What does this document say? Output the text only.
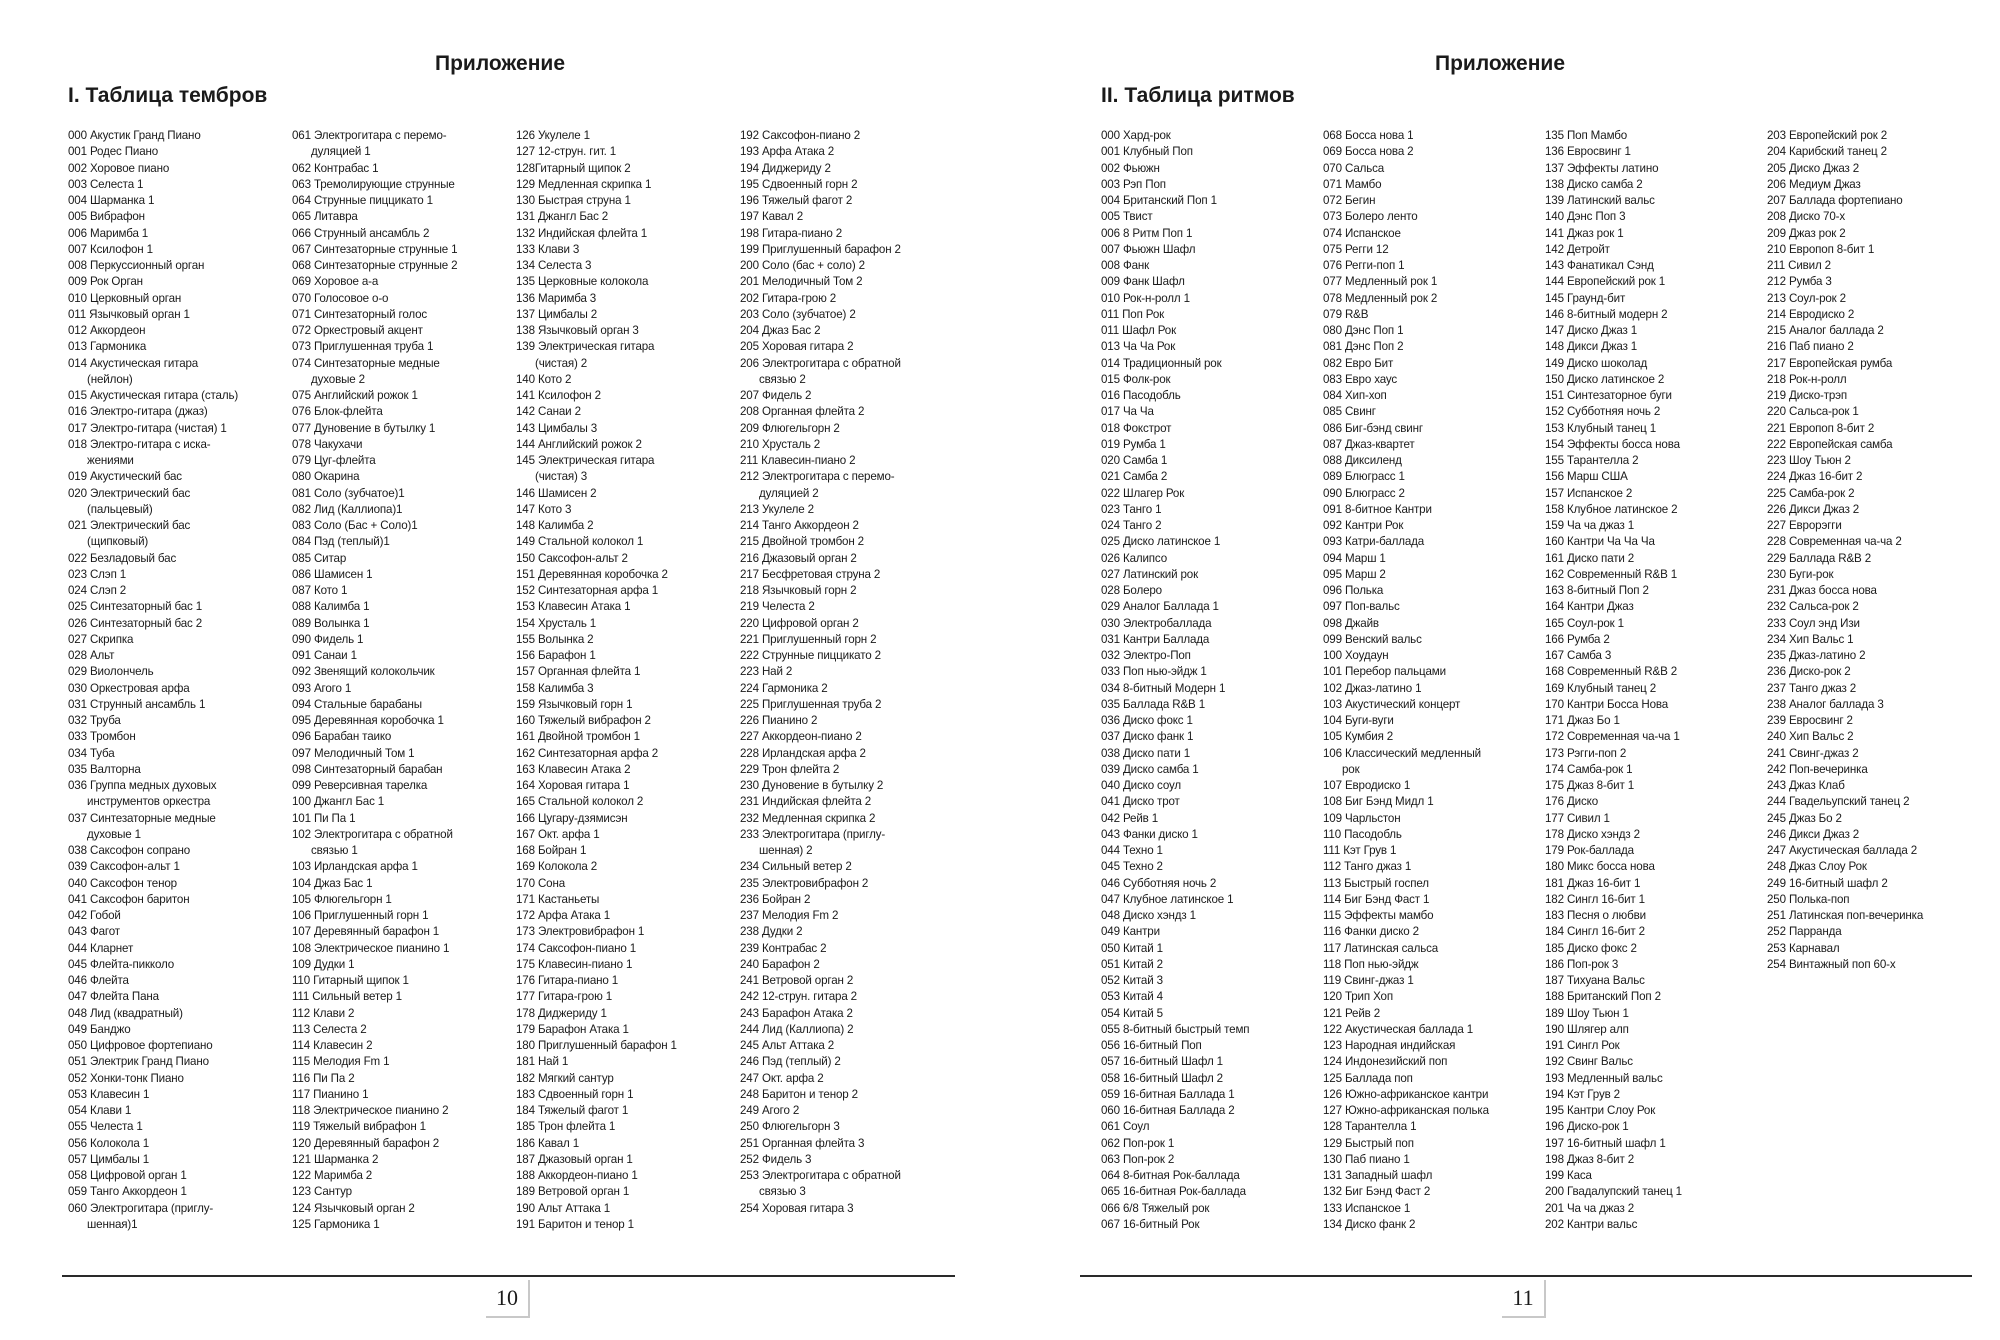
Приложение
I. Таблица тембров
000 Акустик Гранд Пиано
001 Родес Пиано
002 Хоровое пиано
003 Селеста 1
004 Шарманка 1
005 Вибрафон
006 Маримба 1
007 Ксилофон 1
008 Перкуссионный орган
009 Рок Орган
010 Церковный орган
011 Язычковый орган 1
012 Аккордеон
013 Гармоника
014 Акустическая гитара
(нейлон)
015 Акустическая гитара (сталь)
016 Электро-гитара (джаз)
017 Электро-гитара (чистая) 1
018 Электро-гитара с иска-
жениями
019 Акустический бас
020 Электрический бас
(пальцевый)
021 Электрический бас
(щипковый)
022 Безладовый бас
023 Слэп 1
024 Слэп 2
025 Синтезаторный бас 1
026 Синтезаторный бас 2
027 Скрипка
028 Альт
029 Виолончель
030 Оркестровая арфа
031 Струнный ансамбль 1
032 Труба
033 Тромбон
034 Туба
035 Валторна
036 Группа медных духовых
инструментов оркестра
037 Синтезаторные медные
духовые 1
038 Саксофон сопрано
039 Саксофон-альт 1
040 Саксофон тенор
041 Саксофон баритон
042 Гобой
043 Фагот
044 Кларнет
045 Флейта-пикколо
046 Флейта
047 Флейта Пана
048 Лид (квадратный)
049 Банджо
050 Цифровое фортепиано
051 Электрик Гранд Пиано
052 Хонки-тонк Пиано
053 Клавесин 1
054 Клави 1
055 Челеста 1
056 Колокола 1
057 Цимбалы 1
058 Цифровой орган 1
059 Танго Аккордеон 1
060 Электрогитара (приглу-
шенная)1
061 Электрогитара с перемо-
дуляцией 1
062 Контрабас 1
063 Тремолирующие струнные
064 Струнные пиццикато 1
065 Литавра
066 Струнный ансамбль 2
067 Синтезаторные струнные 1
068 Синтезаторные струнные 2
069 Хоровое а-а
070 Голосовое о-о
071 Синтезаторный голос
072 Оркестровый акцент
073 Приглушенная труба 1
074 Синтезаторные медные
духовые 2
075 Английский рожок 1
076 Блок-флейта
077 Дуновение в бутылку 1
078 Чакухачи
079 Цуг-флейта
080 Окарина
081 Соло (зубчатое)1
082 Лид (Каллиопа)1
083 Соло (Бас + Соло)1
084 Пэд (теплый)1
085 Ситар
086 Шамисен 1
087 Кото 1
088 Калимба 1
089 Волынка 1
090 Фидель 1
091 Санаи 1
092 Звенящий колокольчик
093 Агого 1
094 Стальные барабаны
095 Деревянная коробочка 1
096 Барабан таико
097 Мелодичный Том 1
098 Синтезаторный барабан
099 Реверсивная тарелка
100 Джангл Бас 1
101 Пи Па 1
102 Электрогитара с обратной
связью 1
103 Ирландская арфа 1
104 Джаз Бас 1
105 Флюгельгорн 1
106 Приглушенный горн 1
107 Деревянный барафон 1
108 Электрическое пианино 1
109 Дудки 1
110 Гитарный щипок 1
111 Сильный ветер 1
112 Клави 2
113 Селеста 2
114 Клавесин 2
115 Мелодия Fm 1
116 Пи Па 2
117 Пианино 1
118 Электрическое пианино 2
119 Тяжелый вибрафон 1
120 Деревянный барафон 2
121 Шарманка 2
122 Маримба 2
123 Сантур
124 Язычковый орган 2
125 Гармоника 1
126 Укулеле 1
127 12-струн. гит. 1
128Гитарный щипок 2
129 Медленная скрипка 1
130 Быстрая струна 1
131 Джангл Бас 2
132 Индийская флейта 1
133 Клави 3
134 Селеста 3
135 Церковные колокола
136 Маримба 3
137 Цимбалы 2
138 Язычковый орган 3
139 Электрическая гитара
(чистая) 2
140 Кото 2
141 Ксилофон 2
142 Санаи 2
143 Цимбалы 3
144 Английский рожок 2
145 Электрическая гитара
(чистая) 3
146 Шамисен 2
147 Кото 3
148 Калимба 2
149 Стальной колокол 1
150 Саксофон-альт 2
151 Деревянная коробочка 2
152 Синтезаторная арфа 1
153 Клавесин Атака 1
154 Хрусталь 1
155 Волынка 2
156 Барафон 1
157 Органная флейта 1
158 Калимба 3
159 Язычковый горн 1
160 Тяжелый вибрафон 2
161 Двойной тромбон 1
162 Синтезаторная арфа 2
163 Клавесин Атака 2
164 Хоровая гитара 1
165 Стальной колокол 2
166 Цугару-дзямисэн
167 Окт. арфа 1
168 Бойран 1
169 Колокола 2
170 Сона
171 Кастаньеты
172 Арфа Атака 1
173 Электровибрафон 1
174 Саксофон-пиано 1
175 Клавесин-пиано 1
176 Гитара-пиано 1
177 Гитара-грою 1
178 Диджериду 1
179 Барафон Атака 1
180 Приглушенный барафон 1
181 Най 1
182 Мягкий сантур
183 Сдвоенный горн 1
184 Тяжелый фагот 1
185 Трон флейта 1
186 Кавал 1
187 Джазовый орган 1
188 Аккордеон-пиано 1
189 Ветровой орган 1
190 Альт Аттака 1
191 Баритон и тенор 1
192 Саксофон-пиано 2
193 Арфа Атака 2
194 Диджериду 2
195 Сдвоенный горн 2
196 Тяжелый фагот 2
197 Кавал 2
198 Гитара-пиано 2
199 Приглушенный барафон 2
200 Соло (бас + соло) 2
201 Мелодичный Том 2
202 Гитара-грою 2
203 Соло (зубчатое) 2
204 Джаз Бас 2
205 Хоровая гитара 2
206 Электрогитара с обратной
связью 2
207 Фидель 2
208 Органная флейта 2
209 Флюгельгорн 2
210 Хрусталь 2
211 Клавесин-пиано 2
212 Электрогитара с перемо-
дуляцией 2
213 Укулеле 2
214 Танго Аккордеон 2
215 Двойной тромбон 2
216 Джазовый орган 2
217 Бесфретовая струна 2
218 Язычковый горн 2
219 Челеста 2
220 Цифровой орган 2
221 Приглушенный горн 2
222 Струнные пиццикато 2
223 Най 2
224 Гармоника 2
225 Приглушенная труба 2
226 Пианино 2
227 Аккордеон-пиано 2
228 Ирландская арфа 2
229 Трон флейта 2
230 Дуновение в бутылку 2
231 Индийская флейта 2
232 Медленная скрипка 2
233 Электрогитара (приглу-
шенная) 2
234 Сильный ветер 2
235 Электровибрафон 2
236 Бойран 2
237 Мелодия Fm 2
238 Дудки 2
239 Контрабас 2
240 Барафон 2
241 Ветровой орган 2
242 12-струн. гитара 2
243 Барафон Атака 2
244 Лид (Каллиопа) 2
245 Альт Аттака 2
246 Пэд (теплый) 2
247 Окт. арфа 2
248 Баритон и тенор 2
249 Агого 2
250 Флюгельгорн 3
251 Органная флейта 3
252 Фидель 3
253 Электрогитара с обратной
связью 3
254 Хоровая гитара 3
10
Приложение
II. Таблица ритмов
000 Хард-рок
001 Клубный Поп
002 Фьюжн
003 Рэп Поп
004 Британский Поп 1
005 Твист
006 8 Ритм Поп 1
007 Фьюжн Шафл
008 Фанк
009 Фанк Шафл
010 Рок-н-ролл 1
011 Поп Рок
011 Шафл Рок
013 Ча Ча Рок
014 Традиционный рок
015 Фолк-рок
016 Пасодобль
017 Ча Ча
018 Фокстрот
019 Румба 1
020 Самба 1
021 Самба 2
022 Шлагер Рок
023 Танго 1
024 Танго 2
025 Диско латинское 1
026 Калипсо
027 Латинский рок
028 Болеро
029 Аналог Баллада 1
030 Электробаллада
031 Кантри Баллада
032 Электро-Поп
033 Поп нью-эйдж 1
034 8-битный Модерн 1
035 Баллада R&B 1
036 Диско фокс 1
037 Диско фанк 1
038 Диско пати 1
039 Диско самба 1
040 Диско соул
041 Диско трот
042 Рейв 1
043 Фанки диско 1
044 Техно 1
045 Техно 2
046 Субботняя ночь 2
047 Клубное латинское 1
048 Диско хэндз 1
049 Кантри
050 Китай 1
051 Китай 2
052 Китай 3
053 Китай 4
054 Китай 5
055 8-битный быстрый темп
056 16-битный Поп
057 16-битный Шафл 1
058 16-битный Шафл 2
059 16-битная Баллада 1
060 16-битная Баллада 2
061 Соул
062 Поп-рок 1
063 Поп-рок 2
064 8-битная Рок-баллада
065 16-битная Рок-баллада
066 6/8 Тяжелый рок
067 16-битный Рок
068 Босса нова 1
069 Босса нова 2
070 Сальса
071 Мамбо
072 Бегин
073 Болеро ленто
074 Испанское
075 Регги 12
076 Регги-поп 1
077 Медленный рок 1
078 Медленный рок 2
079 R&B
080 Дэнс Поп 1
081 Дэнс Поп 2
082 Евро Бит
083 Евро хаус
084 Хип-хоп
085 Свинг
086 Биг-бэнд свинг
087 Джаз-квартет
088 Диксиленд
089 Блюграсс 1
090 Блюграсс 2
091 8-битное Кантри
092 Кантри Рок
093 Катри-баллада
094 Марш 1
095 Марш 2
096 Полька
097 Поп-вальс
098 Джайв
099 Венский вальс
100 Хоудаун
101 Перебор пальцами
102 Джаз-латино 1
103 Акустический концерт
104 Буги-вуги
105 Кумбия 2
106 Классический медленный
рок
107 Евродиско 1
108 Биг Бэнд Мидл 1
109 Чарльстон
110 Пасодобль
111 Кэт Грув 1
112 Танго джаз 1
113 Быстрый госпел
114 Биг Бэнд Фаст 1
115 Эффекты мамбо
116 Фанки диско 2
117 Латинская сальса
118 Поп нью-эйдж
119 Свинг-джаз 1
120 Трип Хоп
121 Рейв 2
122 Акустическая баллада 1
123 Народная индийская
124 Индонезийский поп
125 Баллада поп
126 Южно-африканское кантри
127 Южно-африканская полька
128 Тарантелла 1
129 Быстрый поп
130 Паб пиано 1
131 Западный шафл
132 Биг Бэнд Фаст 2
133 Испанское 1
134 Диско фанк 2
135 Поп Мамбо
136 Евросвинг 1
137 Эффекты латино
138 Диско самба 2
139 Латинский вальс
140 Дэнс Поп 3
141 Джаз рок 1
142 Детройт
143 Фанатикал Сэнд
144 Европейский рок 1
145 Граунд-бит
146 8-битный модерн 2
147 Диско Джаз 1
148 Дикси Джаз 1
149 Диско шоколад
150 Диско латинское 2
151 Синтезаторное буги
152 Субботняя ночь 2
153 Клубный танец 1
154 Эффекты босса нова
155 Тарантелла 2
156 Марш США
157 Испанское 2
158 Клубное латинское 2
159 Ча ча джаз 1
160 Кантри Ча Ча Ча
161 Диско пати 2
162 Современный R&B 1
163 8-битный Поп 2
164 Кантри Джаз
165 Соул-рок 1
166 Румба 2
167 Самба 3
168 Современный R&B 2
169 Клубный танец 2
170 Кантри Босса Нова
171 Джаз Бо 1
172 Современная ча-ча 1
173 Рэгги-поп 2
174 Самба-рок 1
175 Джаз 8-бит 1
176 Диско
177 Сивил 1
178 Диско хэндз 2
179 Рок-баллада
180 Микс босса нова
181 Джаз 16-бит 1
182 Сингл 16-бит 1
183 Песня о любви
184 Сингл 16-бит 2
185 Диско фокс 2
186 Поп-рок 3
187 Тихуана Вальс
188 Британский Поп 2
189 Шоу Тьюн 1
190 Шлягер алп
191 Сингл Рок
192 Свинг Вальс
193 Медленный вальс
194 Кэт Грув 2
195 Кантри Слоу Рок
196 Диско-рок 1
197 16-битный шафл 1
198 Джаз 8-бит 2
199 Каса
200 Гвадалупский танец 1
201 Ча ча джаз 2
202 Кантри вальс
203 Европейский рок 2
204 Карибский танец 2
205 Диско Джаз 2
206 Медиум Джаз
207 Баллада фортепиано
208 Диско 70-х
209 Джаз рок 2
210 Европоп 8-бит 1
211 Сивил 2
212 Румба 3
213 Соул-рок 2
214 Евродиско 2
215 Аналог баллада 2
216 Паб пиано 2
217 Европейская румба
218 Рок-н-ролл
219 Диско-трэп
220 Сальса-рок 1
221 Европоп 8-бит 2
222 Европейская самба
223 Шоу Тьюн 2
224 Джаз 16-бит 2
225 Самба-рок 2
226 Дикси Джаз 2
227 Еврорэгги
228 Современная ча-ча 2
229 Баллада R&B 2
230 Буги-рок
231 Джаз босса нова
232 Сальса-рок 2
233 Соул энд Изи
234 Хип Вальс 1
235 Джаз-латино 2
236 Диско-рок 2
237 Танго джаз 2
238 Аналог баллада 3
239 Евросвинг 2
240 Хип Вальс 2
241 Свинг-джаз 2
242 Поп-вечеринка
243 Джаз Клаб
244 Гвадельупский танец 2
245 Джаз Бо 2
246 Дикси Джаз 2
247 Акустическая баллада 2
248 Джаз Слоу Рок
249 16-битный шафл 2
250 Полька-поп
251 Латинская поп-вечеринка
252 Парранда
253 Карнавал
254 Винтажный поп 60-х
11
